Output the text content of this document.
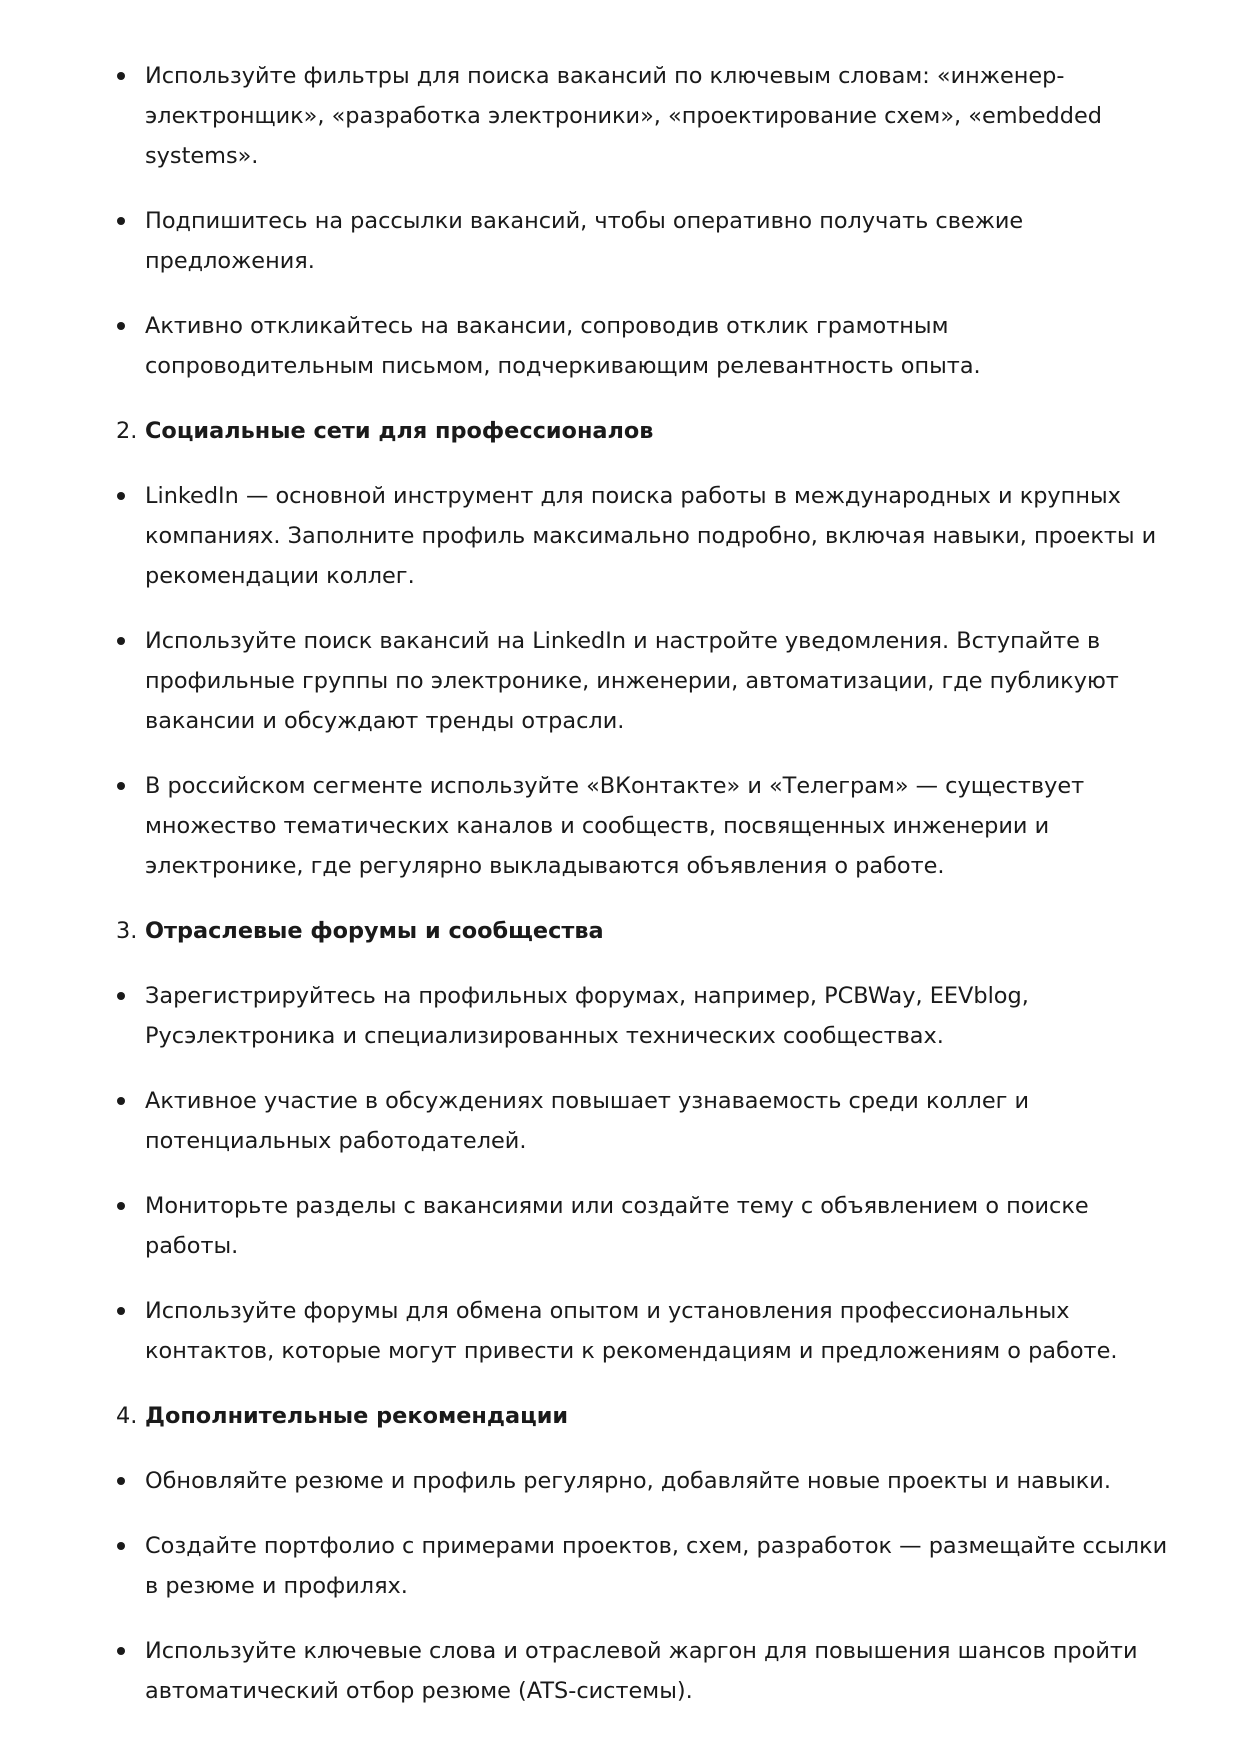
Используйте фильтры для поиска вакансий по ключевым словам: «инженер-электронщик», «разработка электроники», «проектирование схем», «embedded systems».
Подпишитесь на рассылки вакансий, чтобы оперативно получать свежие предложения.
Активно откликайтесь на вакансии, сопроводив отклик грамотным сопроводительным письмом, подчеркивающим релевантность опыта.
2. Социальные сети для профессионалов
LinkedIn — основной инструмент для поиска работы в международных и крупных компаниях. Заполните профиль максимально подробно, включая навыки, проекты и рекомендации коллег.
Используйте поиск вакансий на LinkedIn и настройте уведомления. Вступайте в профильные группы по электронике, инженерии, автоматизации, где публикуют вакансии и обсуждают тренды отрасли.
В российском сегменте используйте «ВКонтакте» и «Телеграм» — существует множество тематических каналов и сообществ, посвященных инженерии и электронике, где регулярно выкладываются объявления о работе.
3. Отраслевые форумы и сообщества
Зарегистрируйтесь на профильных форумах, например, PCBWay, EEVblog, Русэлектроника и специализированных технических сообществах.
Активное участие в обсуждениях повышает узнаваемость среди коллег и потенциальных работодателей.
Мониторьте разделы с вакансиями или создайте тему с объявлением о поиске работы.
Используйте форумы для обмена опытом и установления профессиональных контактов, которые могут привести к рекомендациям и предложениям о работе.
4. Дополнительные рекомендации
Обновляйте резюме и профиль регулярно, добавляйте новые проекты и навыки.
Создайте портфолио с примерами проектов, схем, разработок — размещайте ссылки в резюме и профилях.
Используйте ключевые слова и отраслевой жаргон для повышения шансов пройти автоматический отбор резюме (ATS-системы).
